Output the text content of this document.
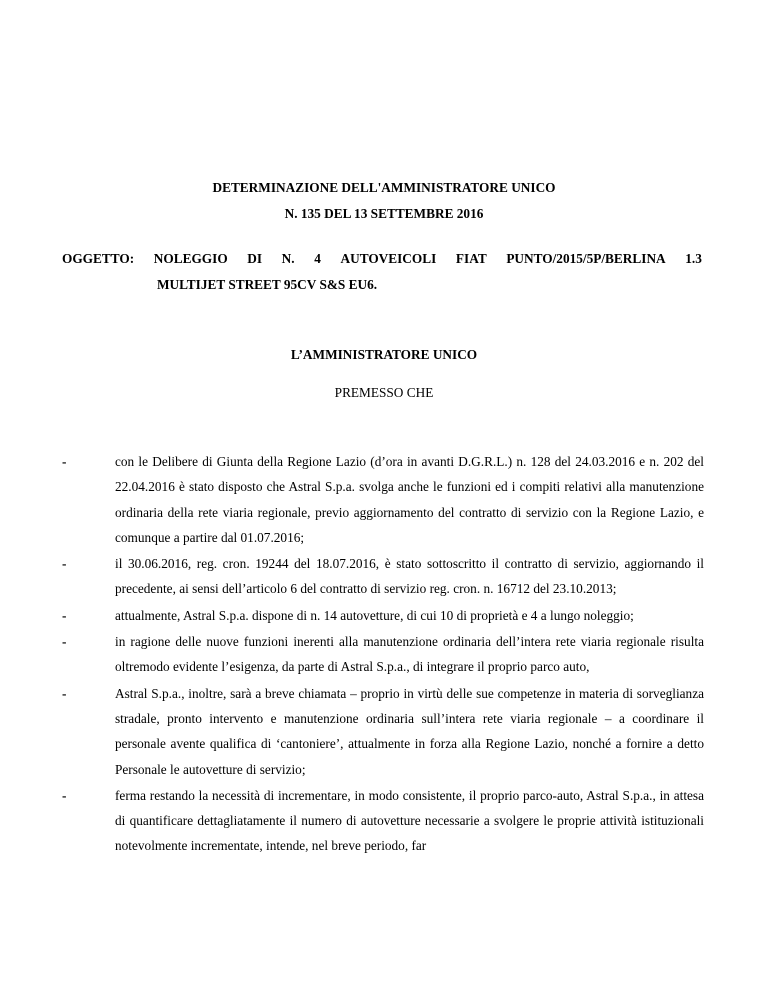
DETERMINAZIONE DELL'AMMINISTRATORE UNICO
N. 135 DEL 13 SETTEMBRE 2016
OGGETTO: NOLEGGIO DI N. 4 AUTOVEICOLI FIAT PUNTO/2015/5P/BERLINA 1.3
MULTIJET STREET 95CV S&S EU6.
L’AMMINISTRATORE UNICO
PREMESSO CHE
-	con le Delibere di Giunta della Regione Lazio (d’ora in avanti D.G.R.L.) n. 128 del 24.03.2016 e n. 202 del 22.04.2016 è stato disposto che Astral S.p.a. svolga anche le funzioni ed i compiti relativi alla manutenzione ordinaria della rete viaria regionale, previo aggiornamento del contratto di servizio con la Regione Lazio, e comunque a partire dal 01.07.2016;
-	il 30.06.2016, reg. cron. 19244 del 18.07.2016, è stato sottoscritto il contratto di servizio, aggiornando il precedente, ai sensi dell’articolo 6 del contratto di servizio reg. cron. n. 16712 del 23.10.2013;
-	attualmente, Astral S.p.a. dispone di n. 14 autovetture, di cui 10 di proprietà e 4 a lungo noleggio;
-	in ragione delle nuove funzioni inerenti alla manutenzione ordinaria dell’intera rete viaria regionale risulta oltremodo evidente l’esigenza, da parte di Astral S.p.a., di integrare il proprio parco auto,
-	Astral S.p.a., inoltre, sarà a breve chiamata – proprio in virtù delle sue competenze in materia di sorveglianza stradale, pronto intervento e manutenzione ordinaria sull’intera rete viaria regionale – a coordinare il personale avente qualifica di ‘cantoniere’, attualmente in forza alla Regione Lazio, nonché a fornire a detto Personale le autovetture di servizio;
-	ferma restando la necessità di incrementare, in modo consistente, il proprio parco-auto, Astral S.p.a., in attesa di quantificare dettagliatamente il numero di autovetture necessarie a svolgere le proprie attività istituzionali notevolmente incrementate, intende, nel breve periodo, far
